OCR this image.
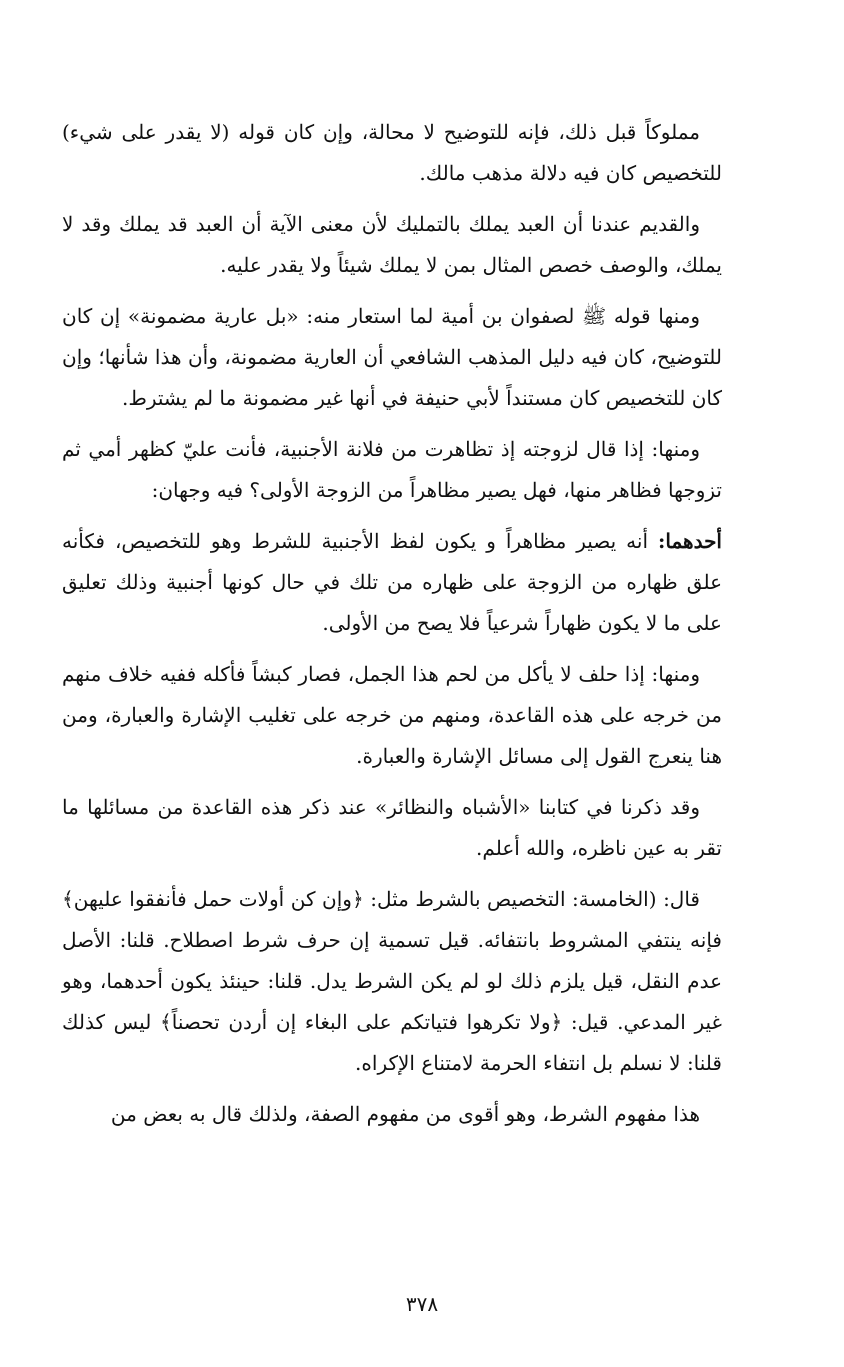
مملوكاً قبل ذلك، فإنه للتوضيح لا محالة، وإن كان قوله (لا يقدر على شيء) للتخصيص كان فيه دلالة مذهب مالك.

والقديم عندنا أن العبد يملك بالتمليك لأن معنى الآية أن العبد قد يملك وقد لا يملك، والوصف خصص المثال بمن لا يملك شيئاً ولا يقدر عليه.

ومنها قوله ﷺ لصفوان بن أمية لما استعار منه: «بل عارية مضمونة» إن كان للتوضيح، كان فيه دليل المذهب الشافعي أن العارية مضمونة، وأن هذا شأنها؛ وإن كان للتخصيص كان مستنداً لأبي حنيفة في أنها غير مضمونة ما لم يشترط.

ومنها: إذا قال لزوجته إذ تظاهرت من فلانة الأجنبية، فأنت عليّ كظهر أمي ثم تزوجها فظاهر منها، فهل يصير مظاهراً من الزوجة الأولى؟ فيه وجهان:

أحدهما: أنه يصير مظاهراً و يكون لفظ الأجنبية للشرط وهو للتخصيص، فكأنه علق ظهاره من الزوجة على ظهاره من تلك في حال كونها أجنبية وذلك تعليق على ما لا يكون ظهاراً شرعياً فلا يصح من الأولى.

ومنها: إذا حلف لا يأكل من لحم هذا الجمل، فصار كبشاً فأكله ففيه خلاف منهم من خرجه على هذه القاعدة، ومنهم من خرجه على تغليب الإشارة والعبارة، ومن هنا ينعرج القول إلى مسائل الإشارة والعبارة.

وقد ذكرنا في كتابنا «الأشباه والنظائر» عند ذكر هذه القاعدة من مسائلها ما تقر به عين ناظره، والله أعلم.

قال: (الخامسة: التخصيص بالشرط مثل: ﴿وإن كن أولات حمل فأنفقوا عليهن﴾ فإنه ينتفي المشروط بانتفائه. قيل تسمية إن حرف شرط اصطلاح. قلنا: الأصل عدم النقل، قيل يلزم ذلك لو لم يكن الشرط يدل. قلنا: حينئذ يكون أحدهما، وهو غير المدعي. قيل: ﴿ولا تكرهوا فتياتكم على البغاء إن أردن تحصناً﴾ ليس كذلك قلنا: لا نسلم بل انتفاء الحرمة لامتناع الإكراه.

هذا مفهوم الشرط، وهو أقوى من مفهوم الصفة، ولذلك قال به بعض من

٣٧٨
